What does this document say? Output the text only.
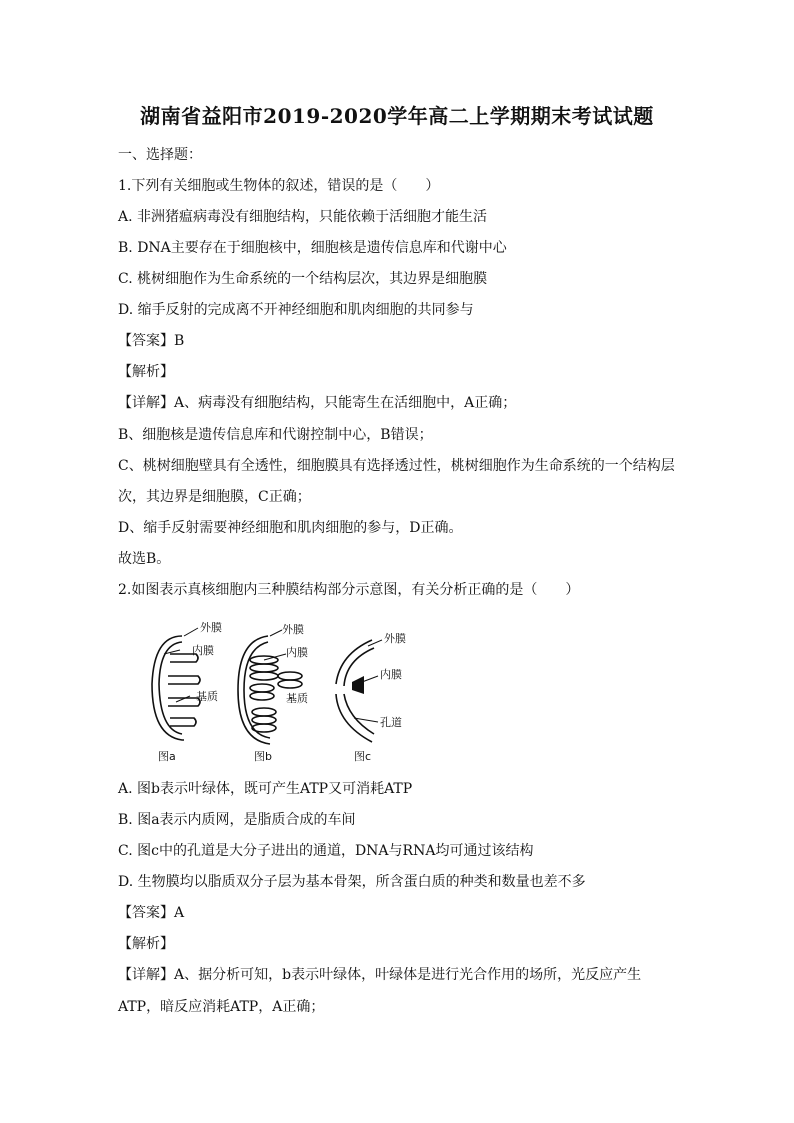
湖南省益阳市2019-2020学年高二上学期期末考试试题
一、选择题：
1.下列有关细胞或生物体的叙述，错误的是（　　）
A. 非洲猪瘟病毒没有细胞结构，只能依赖于活细胞才能生活
B. DNA主要存在于细胞核中，细胞核是遗传信息库和代谢中心
C. 桃树细胞作为生命系统的一个结构层次，其边界是细胞膜
D. 缩手反射的完成离不开神经细胞和肌肉细胞的共同参与
【答案】B
【解析】
【详解】A、病毒没有细胞结构，只能寄生在活细胞中，A正确；
B、细胞核是遗传信息库和代谢控制中心，B错误；
C、桃树细胞壁具有全透性，细胞膜具有选择透过性，桃树细胞作为生命系统的一个结构层
次，其边界是细胞膜，C正确；
D、缩手反射需要神经细胞和肌肉细胞的参与，D正确。
故选B。
2.如图表示真核细胞内三种膜结构部分示意图，有关分析正确的是（　　）
外膜
内膜
基质
图a
外膜
内膜
基质
图b
外膜
内膜
孔道
图c
A. 图b表示叶绿体，既可产生ATP又可消耗ATP
B. 图a表示内质网，是脂质合成的车间
C. 图c中的孔道是大分子进出的通道，DNA与RNA均可通过该结构
D. 生物膜均以脂质双分子层为基本骨架，所含蛋白质的种类和数量也差不多
【答案】A
【解析】
【详解】A、据分析可知，b表示叶绿体，叶绿体是进行光合作用的场所，光反应产生
ATP，暗反应消耗ATP，A正确；
